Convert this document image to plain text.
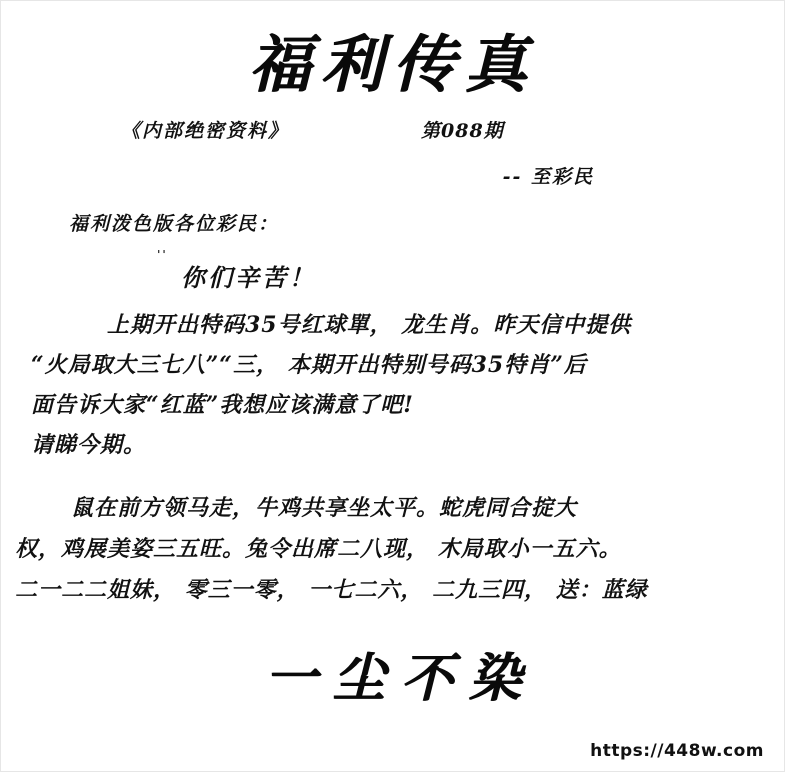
福利传真
《内部绝密资料》	第088期
-- 至彩民
福利泼色版各位彩民：
''
你们辛苦！

上期开出特码35号红球單， 龙生肖。昨天信中提供

“火局取大三七八”“三， 本期开出特别号码35特肖”后

面告诉大家“红蓝”我想应该满意了吧!

请睇今期。

鼠在前方领马走，牛鸡共享坐太平。蛇虎同合掟大

权，鸡展美姿三五旺。兔令出席二八现， 木局取小一五六。

二一二二姐妹， 零三一零， 一七二六， 二九三四， 送：蓝绿

一尘不染
https://448w.com
